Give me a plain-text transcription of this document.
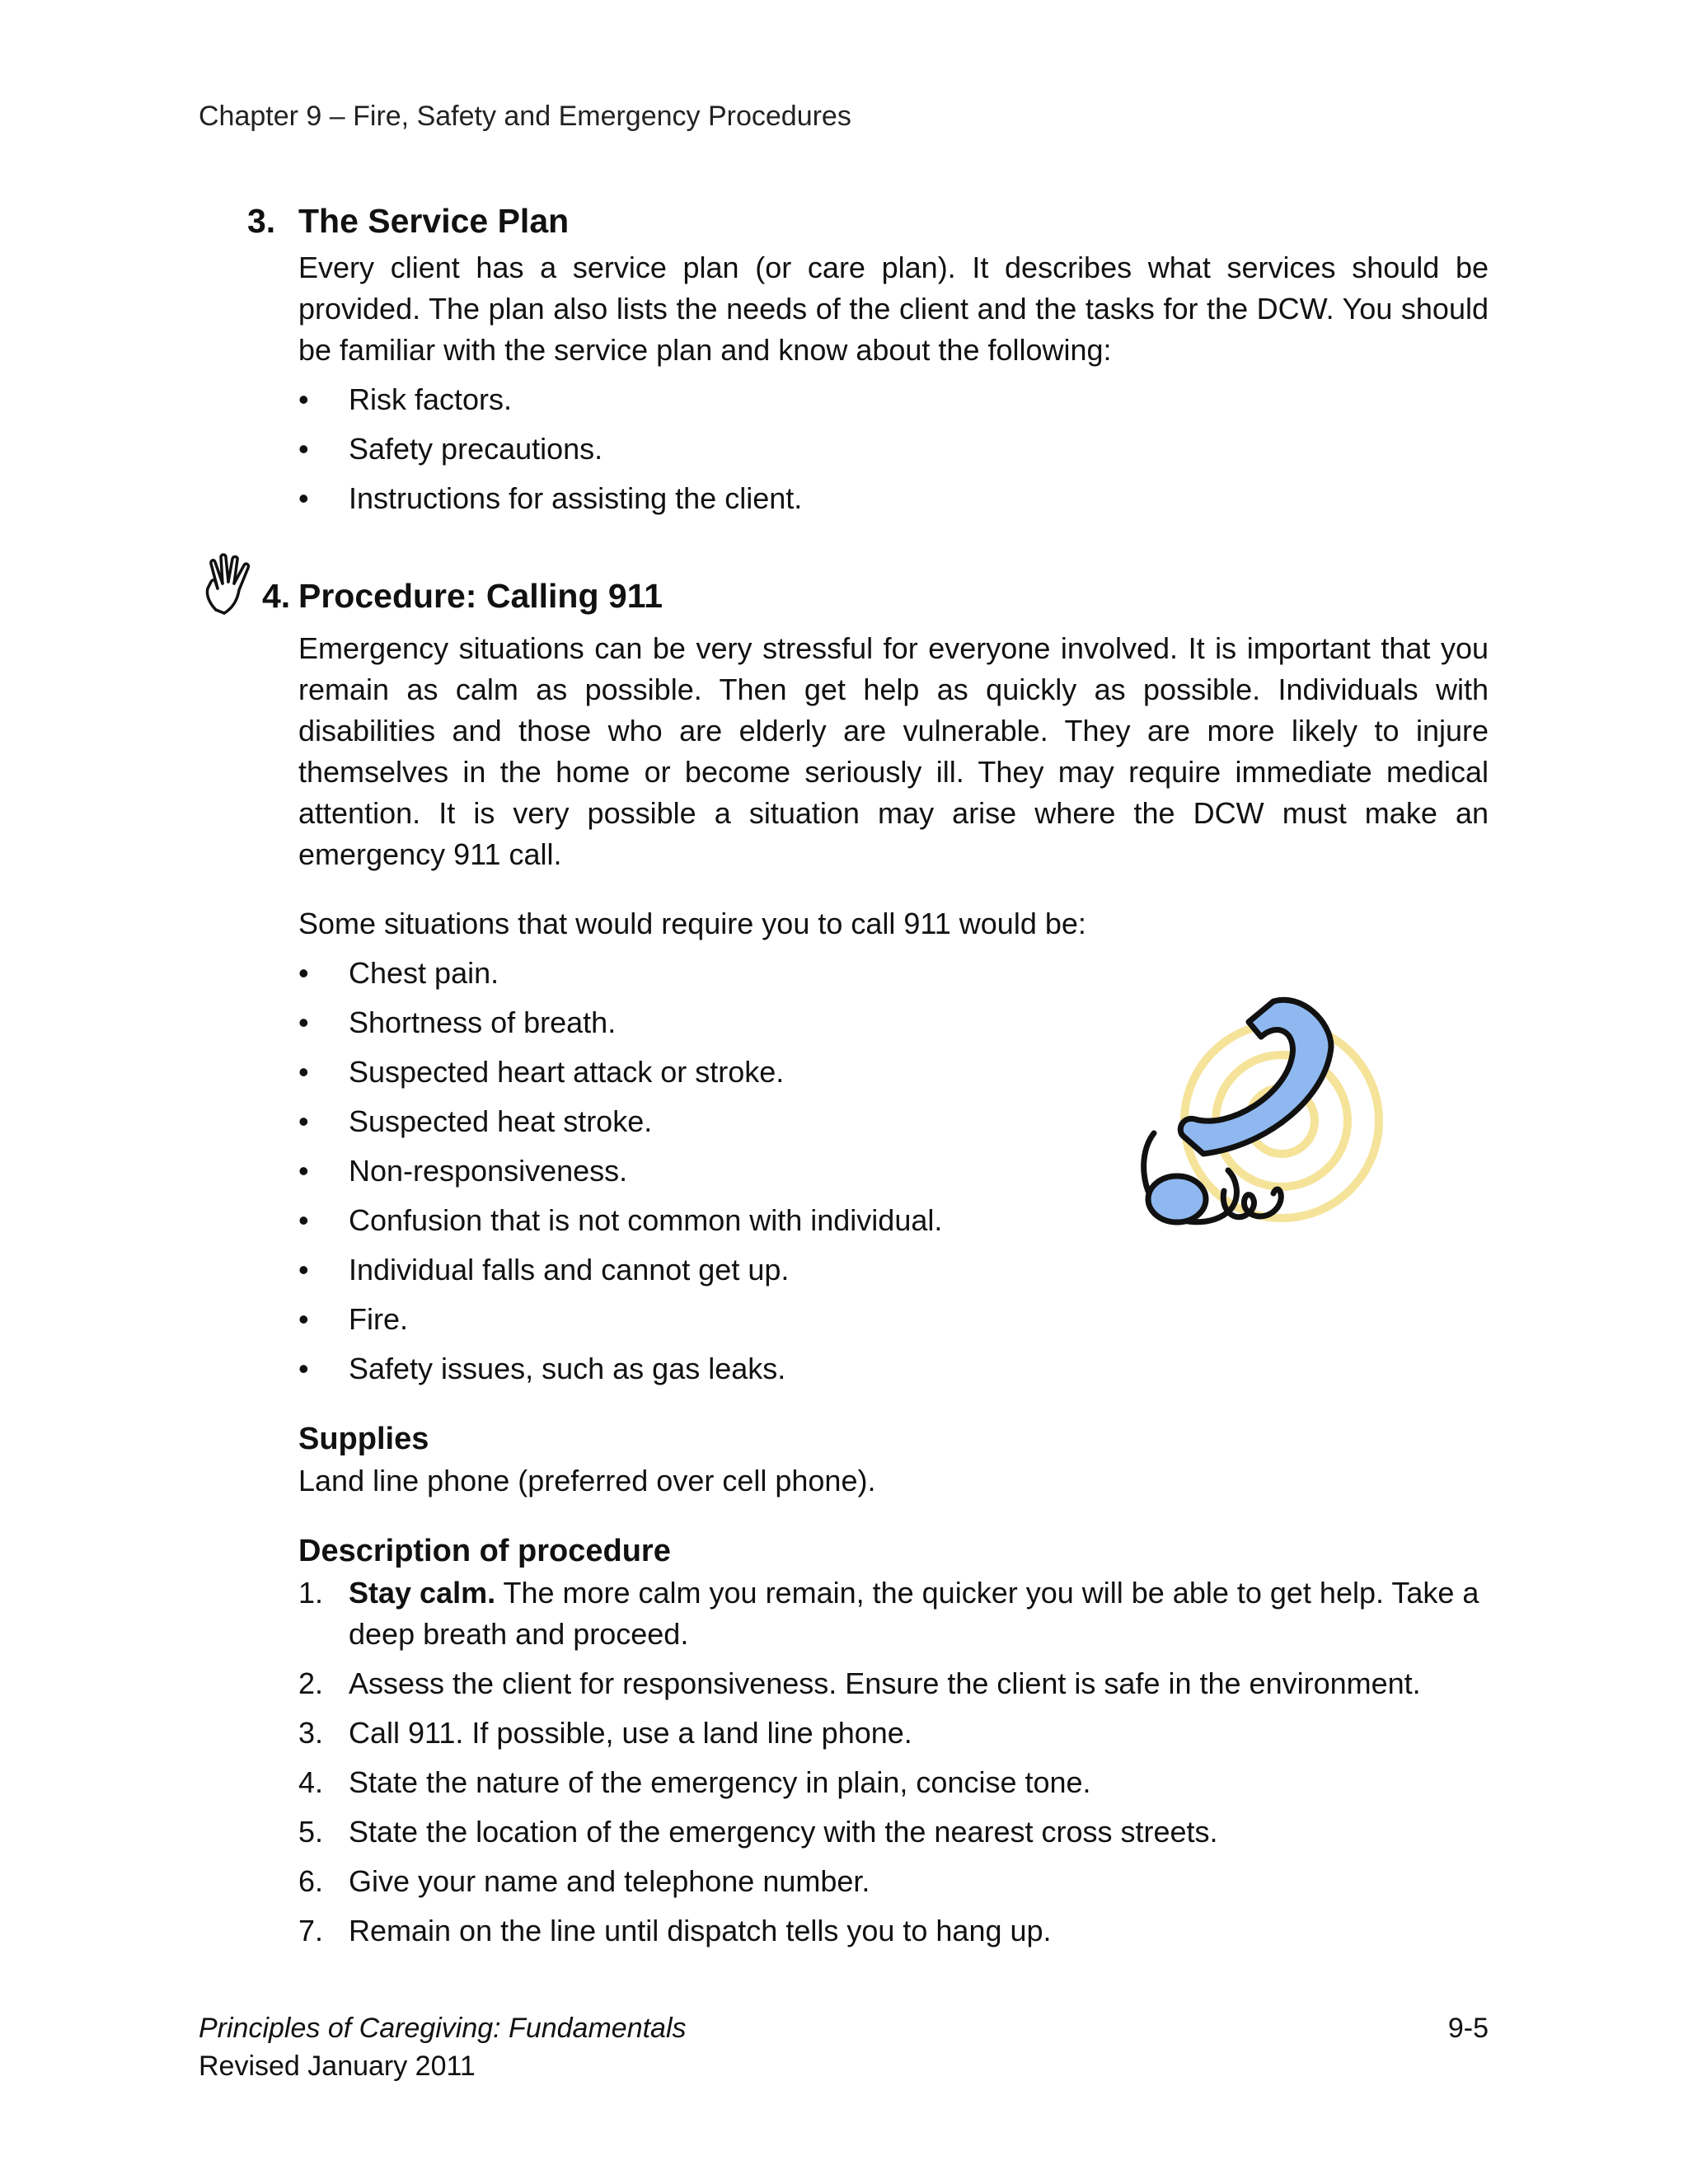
Chapter 9 – Fire, Safety and Emergency Procedures
3. The Service Plan

Every client has a service plan (or care plan). It describes what services should be provided. The plan also lists the needs of the client and the tasks for the DCW. You should be familiar with the service plan and know about the following:

• Risk factors.
• Safety precautions.
• Instructions for assisting the client.
4. Procedure: Calling 911

Emergency situations can be very stressful for everyone involved. It is important that you remain as calm as possible. Then get help as quickly as possible. Individuals with disabilities and those who are elderly are vulnerable. They are more likely to injure themselves in the home or become seriously ill. They may require immediate medical attention. It is very possible a situation may arise where the DCW must make an emergency 911 call.

Some situations that would require you to call 911 would be:

• Chest pain.
• Shortness of breath.
• Suspected heart attack or stroke.
• Suspected heat stroke.
• Non-responsiveness.
• Confusion that is not common with individual.
• Individual falls and cannot get up.
• Fire.
• Safety issues, such as gas leaks.
Supplies

Land line phone (preferred over cell phone).

Description of procedure
1. Stay calm. The more calm you remain, the quicker you will be able to get help. Take a deep breath and proceed.
2. Assess the client for responsiveness. Ensure the client is safe in the environment.
3. Call 911. If possible, use a land line phone.
4. State the nature of the emergency in plain, concise tone.
5. State the location of the emergency with the nearest cross streets.
6. Give your name and telephone number.
7. Remain on the line until dispatch tells you to hang up.
Principles of Caregiving: Fundamentals
Revised January 2011
9-5
